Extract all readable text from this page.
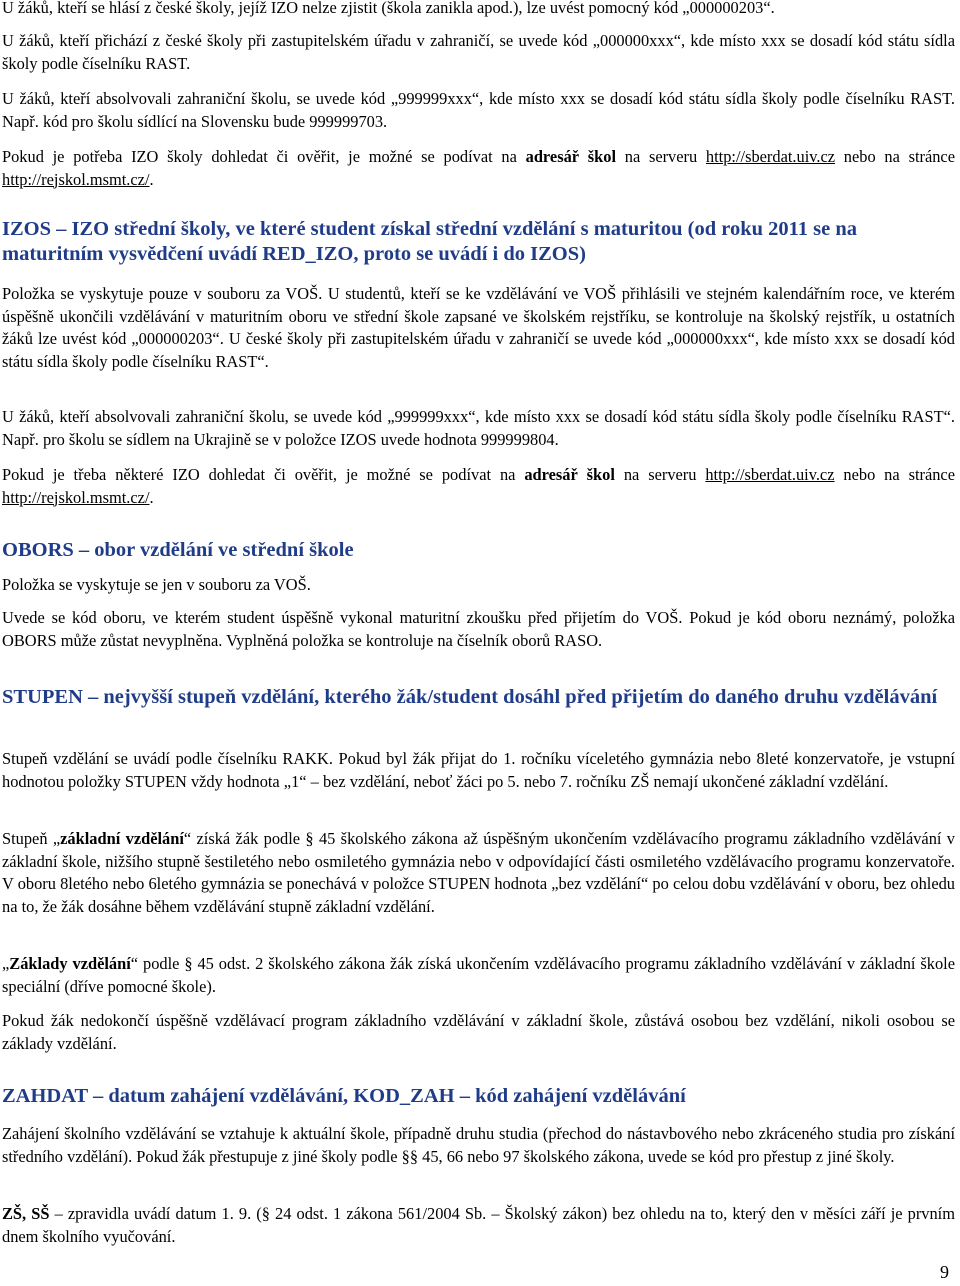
U žáků, kteří se hlásí z české školy, jejíž IZO nelze zjistit (škola zanikla apod.), lze uvést pomocný kód „000000203“.

U žáků, kteří přichází z české školy při zastupitelském úřadu v zahraničí, se uvede kód „000000xxx“, kde místo xxx se dosadí kód státu sídla školy podle číselníku RAST.

U žáků, kteří absolvovali zahraniční školu, se uvede kód „999999xxx“, kde místo xxx se dosadí kód státu sídla školy podle číselníku RAST. Např. kód pro školu sídlící na Slovensku bude 999999703.

Pokud je potřeba IZO školy dohledat či ověřit, je možné se podívat na adresář škol na serveru http://sberdat.uiv.cz nebo na stránce http://rejskol.msmt.cz/.

IZOS – IZO střední školy, ve které student získal střední vzdělání s maturitou (od roku 2011 se na maturitním vysvědčení uvádí RED_IZO, proto se uvádí i do IZOS)

Položka se vyskytuje pouze v souboru za VOŠ. U studentů, kteří se ke vzdělávání ve VOŠ přihlásili ve stejném kalendářním roce, ve kterém úspěšně ukončili vzdělávání v maturitním oboru ve střední škole zapsané ve školském rejstříku, se kontroluje na školský rejstřík, u ostatních žáků lze uvést kód „000000203“. U české školy při zastupitelském úřadu v zahraničí se uvede kód „000000xxx“, kde místo xxx se dosadí kód státu sídla školy podle číselníku RAST“.

U žáků, kteří absolvovali zahraniční školu, se uvede kód „999999xxx“, kde místo xxx se dosadí kód státu sídla školy podle číselníku RAST“. Např. pro školu se sídlem na Ukrajině se v položce IZOS uvede hodnota 999999804.

Pokud je třeba některé IZO dohledat či ověřit, je možné se podívat na adresář škol na serveru http://sberdat.uiv.cz nebo na stránce http://rejskol.msmt.cz/.

OBORS – obor vzdělání ve střední škole

Položka se vyskytuje se jen v souboru za VOŠ.

Uvede se kód oboru, ve kterém student úspěšně vykonal maturitní zkoušku před přijetím do VOŠ. Pokud je kód oboru neznámý, položka OBORS může zůstat nevyplněna. Vyplněná položka se kontroluje na číselník oborů RASO.

STUPEN – nejvyšší stupeň vzdělání, kterého žák/student dosáhl před přijetím do daného druhu vzdělávání

Stupeň vzdělání se uvádí podle číselníku RAKK. Pokud byl žák přijat do 1. ročníku víceletého gymnázia nebo 8leté konzervatoře, je vstupní hodnotou položky STUPEN vždy hodnota „1“ – bez vzdělání, neboť žáci po 5. nebo 7. ročníku ZŠ nemají ukončené základní vzdělání.

Stupeň „základní vzdělání“ získá žák podle § 45 školského zákona až úspěšným ukončením vzdělávacího programu základního vzdělávání v základní škole, nižšího stupně šestiletého nebo osmiletého gymnázia nebo v odpovídající části osmiletého vzdělávacího programu konzervatoře. V oboru 8letého nebo 6letého gymnázia se ponechává v položce STUPEN hodnota „bez vzdělání“ po celou dobu vzdělávání v oboru, bez ohledu na to, že žák dosáhne během vzdělávání stupně základní vzdělání.

„Základy vzdělání“ podle § 45 odst. 2 školského zákona žák získá ukončením vzdělávacího programu základního vzdělávání v základní škole speciální (dříve pomocné škole).

Pokud žák nedokončí úspěšně vzdělávací program základního vzdělávání v základní škole, zůstává osobou bez vzdělání, nikoli osobou se základy vzdělání.

ZAHDAT – datum zahájení vzdělávání, KOD_ZAH – kód zahájení vzdělávání

Zahájení školního vzdělávání se vztahuje k aktuální škole, případně druhu studia (přechod do nástavbového nebo zkráceného studia pro získání středního vzdělání). Pokud žák přestupuje z jiné školy podle §§ 45, 66 nebo 97 školského zákona, uvede se kód pro přestup z jiné školy.

ZŠ, SŠ – zpravidla uvádí datum 1. 9. (§ 24 odst. 1 zákona 561/2004 Sb. – Školský zákon) bez ohledu na to, který den v měsíci září je prvním dnem školního vyučování.

9
